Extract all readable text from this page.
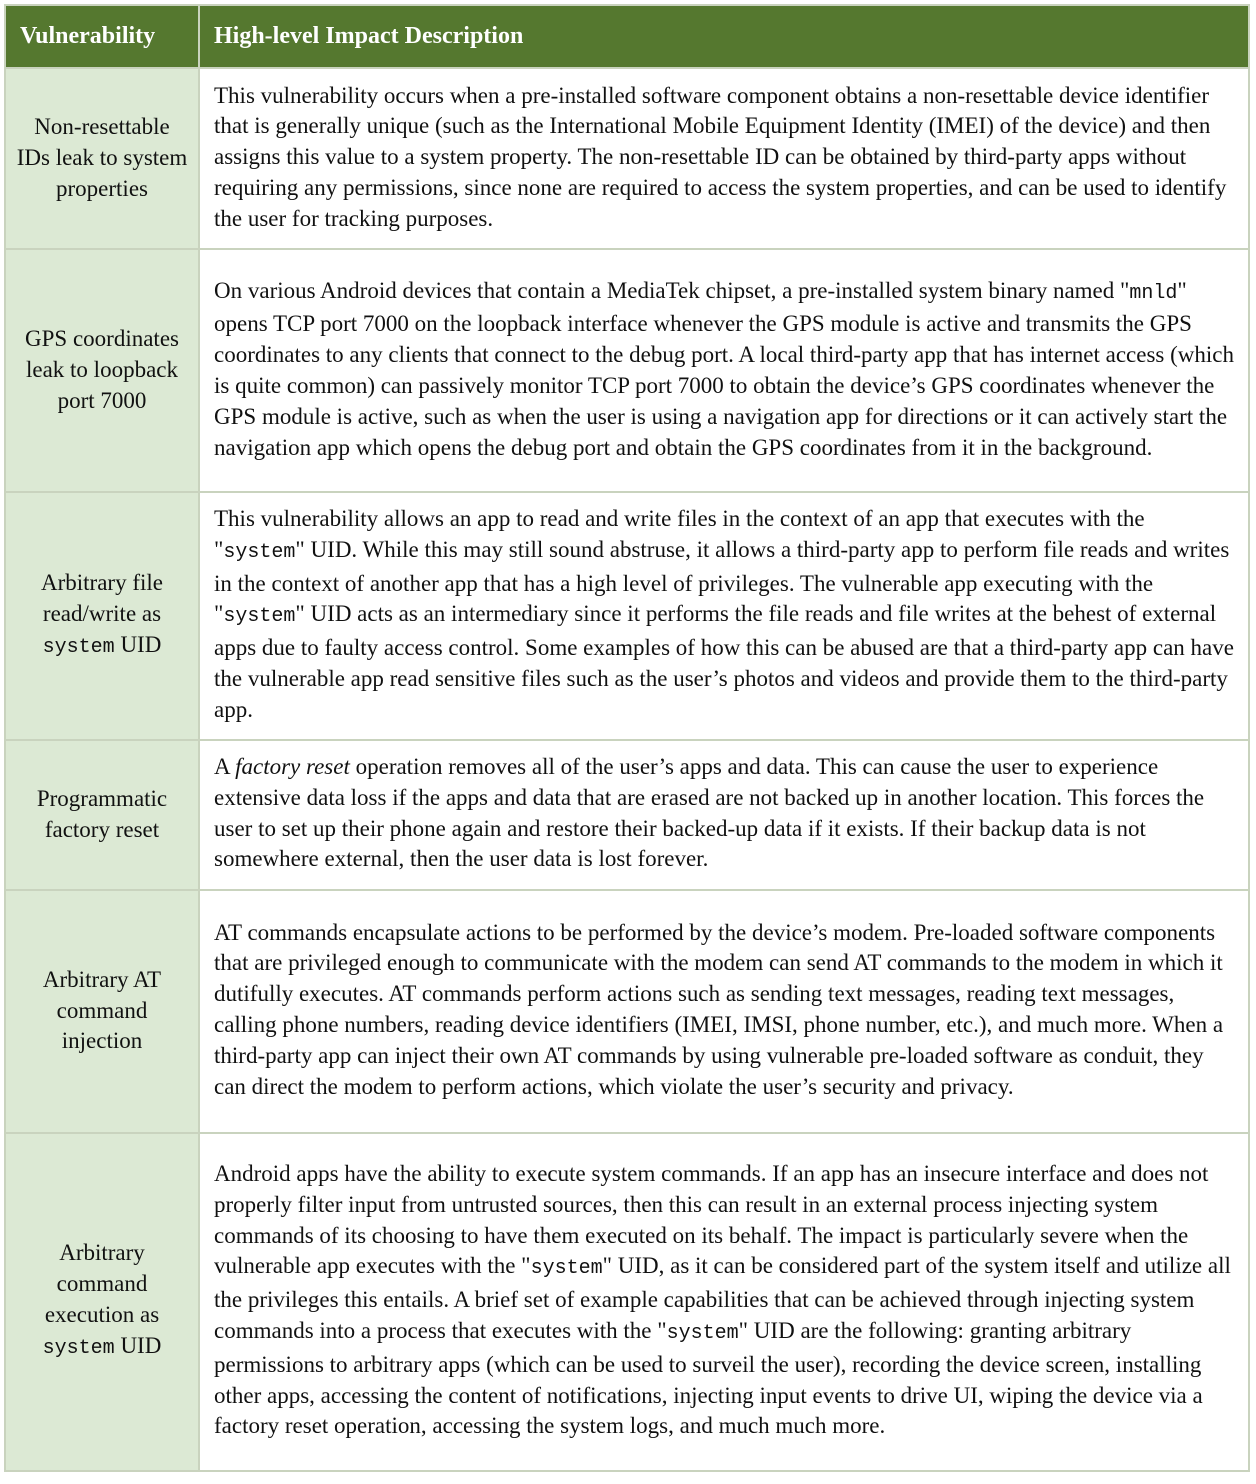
Vulnerability	High-level Impact Description
Non-resettable IDs leak to system properties	This vulnerability occurs when a pre-installed software component obtains a non-resettable device identifier that is generally unique (such as the International Mobile Equipment Identity (IMEI) of the device) and then assigns this value to a system property. The non-resettable ID can be obtained by third-party apps without requiring any permissions, since none are required to access the system properties, and can be used to identify the user for tracking purposes.
GPS coordinates leak to loopback port 7000	On various Android devices that contain a MediaTek chipset, a pre-installed system binary named "mnld" opens TCP port 7000 on the loopback interface whenever the GPS module is active and transmits the GPS coordinates to any clients that connect to the debug port. A local third-party app that has internet access (which is quite common) can passively monitor TCP port 7000 to obtain the device’s GPS coordinates whenever the GPS module is active, such as when the user is using a navigation app for directions or it can actively start the navigation app which opens the debug port and obtain the GPS coordinates from it in the background.
Arbitrary file read/write as system UID	This vulnerability allows an app to read and write files in the context of an app that executes with the "system" UID. While this may still sound abstruse, it allows a third-party app to perform file reads and writes in the context of another app that has a high level of privileges. The vulnerable app executing with the "system" UID acts as an intermediary since it performs the file reads and file writes at the behest of external apps due to faulty access control. Some examples of how this can be abused are that a third-party app can have the vulnerable app read sensitive files such as the user’s photos and videos and provide them to the third-party app.
Programmatic factory reset	A factory reset operation removes all of the user’s apps and data. This can cause the user to experience extensive data loss if the apps and data that are erased are not backed up in another location. This forces the user to set up their phone again and restore their backed-up data if it exists. If their backup data is not somewhere external, then the user data is lost forever.
Arbitrary AT command injection	AT commands encapsulate actions to be performed by the device’s modem. Pre-loaded software components that are privileged enough to communicate with the modem can send AT commands to the modem in which it dutifully executes. AT commands perform actions such as sending text messages, reading text messages, calling phone numbers, reading device identifiers (IMEI, IMSI, phone number, etc.), and much more. When a third-party app can inject their own AT commands by using vulnerable pre-loaded software as conduit, they can direct the modem to perform actions, which violate the user’s security and privacy.
Arbitrary command execution as system UID	Android apps have the ability to execute system commands. If an app has an insecure interface and does not properly filter input from untrusted sources, then this can result in an external process injecting system commands of its choosing to have them executed on its behalf. The impact is particularly severe when the vulnerable app executes with the "system" UID, as it can be considered part of the system itself and utilize all the privileges this entails. A brief set of example capabilities that can be achieved through injecting system commands into a process that executes with the "system" UID are the following: granting arbitrary permissions to arbitrary apps (which can be used to surveil the user), recording the device screen, installing other apps, accessing the content of notifications, injecting input events to drive UI, wiping the device via a factory reset operation, accessing the system logs, and much much more.
